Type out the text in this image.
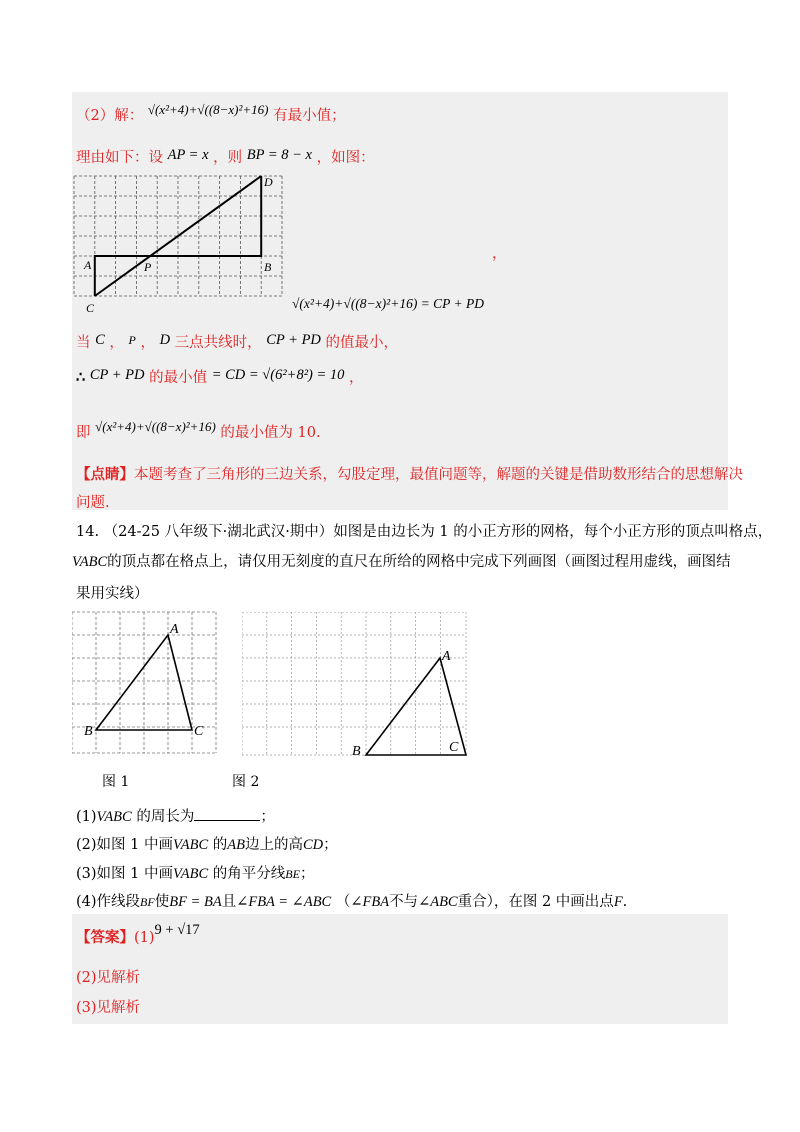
（2）解： √(x²+4)+√((8−x)²+16) 有最小值；
理由如下：设 AP = x ，则 BP = 8 − x ，如图：
D
A	P	B
C
，
√(x²+4)+√((8−x)²+16) = CP + PD
当 C ， $^P$ ， D 三点共线时， CP + PD 的值最小，
∴ CP + PD 的最小值 = CD = √(6²+8²) = 10 ，
即 √(x²+4)+√((8−x)²+16) 的最小值为 10.
【点睛】本题考查了三角形的三边关系，勾股定理，最值问题等，解题的关键是借助数形结合的思想解决
问题.
14. （24-25 八年级下·湖北武汉·期中）如图是由边长为 1 的小正方形的网格，每个小正方形的顶点叫格点，
VABC的顶点都在格点上，请仅用无刻度的直尺在所给的网格中完成下列画图（画图过程用虚线，画图结
果用实线）
A
B	C
A
B	C
图 1	图 2
(1)VABC 的周长为	；
(2)如图 1 中画VABC 的AB边上的高CD；
(3)如图 1 中画VABC 的角平分线BE；
(4)作线段BF使BF = BA且∠FBA = ∠ABC （∠FBA不与∠ABC重合），在图 2 中画出点F.
【答案】(1)9 + √17
(2)见解析
(3)见解析
